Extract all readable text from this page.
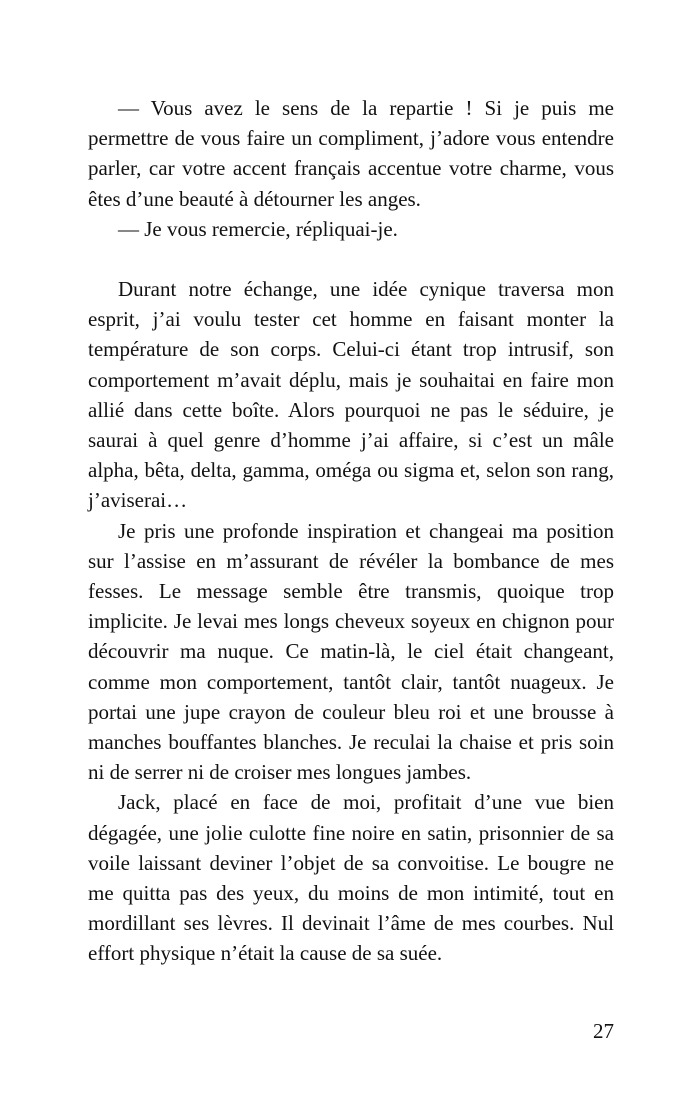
— Vous avez le sens de la repartie ! Si je puis me permettre de vous faire un compliment, j’adore vous entendre parler, car votre accent français accentue votre charme, vous êtes d’une beauté à détourner les anges.

— Je vous remercie, répliquai-je.

Durant notre échange, une idée cynique traversa mon esprit, j’ai voulu tester cet homme en faisant monter la température de son corps. Celui-ci étant trop intrusif, son comportement m’avait déplu, mais je souhaitai en faire mon allié dans cette boîte. Alors pourquoi ne pas le séduire, je saurai à quel genre d’homme j’ai affaire, si c’est un mâle alpha, bêta, delta, gamma, oméga ou sigma et, selon son rang, j’aviserai…

Je pris une profonde inspiration et changeai ma position sur l’assise en m’assurant de révéler la bombance de mes fesses. Le message semble être transmis, quoique trop implicite. Je levai mes longs cheveux soyeux en chignon pour découvrir ma nuque. Ce matin-là, le ciel était changeant, comme mon comportement, tantôt clair, tantôt nuageux. Je portai une jupe crayon de couleur bleu roi et une brousse à manches bouffantes blanches. Je reculai la chaise et pris soin ni de serrer ni de croiser mes longues jambes.

Jack, placé en face de moi, profitait d’une vue bien dégagée, une jolie culotte fine noire en satin, prisonnier de sa voile laissant deviner l’objet de sa convoitise. Le bougre ne me quitta pas des yeux, du moins de mon intimité, tout en mordillant ses lèvres. Il devinait l’âme de mes courbes. Nul effort physique n’était la cause de sa suée.

27
